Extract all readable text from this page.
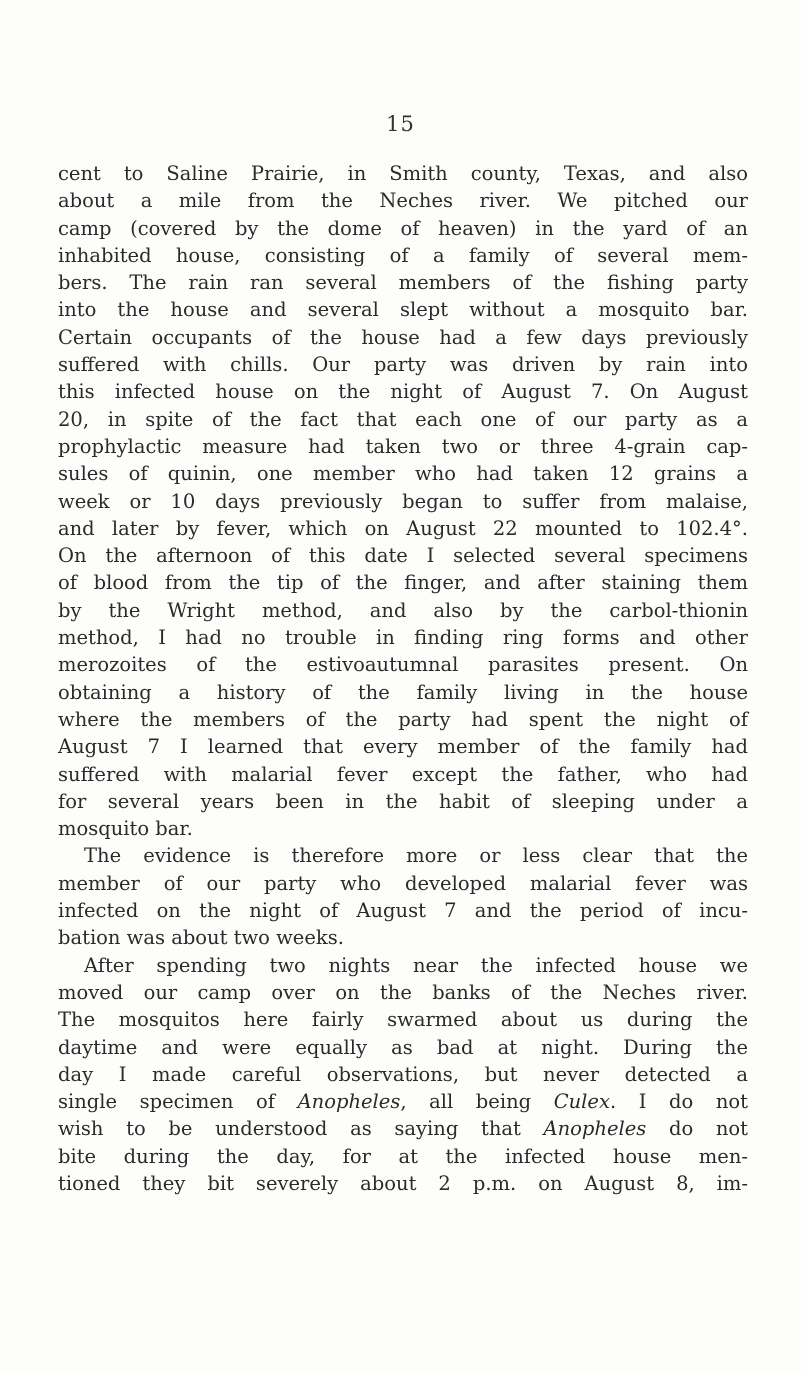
15
cent to Saline Prairie, in Smith county, Texas, and also
about a mile from the Neches river. We pitched our
camp (covered by the dome of heaven) in the yard of an
inhabited house, consisting of a family of several mem-
bers. The rain ran several members of the fishing party
into the house and several slept without a mosquito bar.
Certain occupants of the house had a few days previously
suffered with chills. Our party was driven by rain into
this infected house on the night of August 7. On August
20, in spite of the fact that each one of our party as a
prophylactic measure had taken two or three 4-grain cap-
sules of quinin, one member who had taken 12 grains a
week or 10 days previously began to suffer from malaise,
and later by fever, which on August 22 mounted to 102.4°.
On the afternoon of this date I selected several specimens
of blood from the tip of the finger, and after staining them
by the Wright method, and also by the carbol-thionin
method, I had no trouble in finding ring forms and other
merozoites of the estivoautumnal parasites present. On
obtaining a history of the family living in the house
where the members of the party had spent the night of
August 7 I learned that every member of the family had
suffered with malarial fever except the father, who had
for several years been in the habit of sleeping under a
mosquito bar.
The evidence is therefore more or less clear that the
member of our party who developed malarial fever was
infected on the night of August 7 and the period of incu-
bation was about two weeks.
After spending two nights near the infected house we
moved our camp over on the banks of the Neches river.
The mosquitos here fairly swarmed about us during the
daytime and were equally as bad at night. During the
day I made careful observations, but never detected a
single specimen of Anopheles, all being Culex. I do not
wish to be understood as saying that Anopheles do not
bite during the day, for at the infected house men-
tioned they bit severely about 2 p.m. on August 8, im-
